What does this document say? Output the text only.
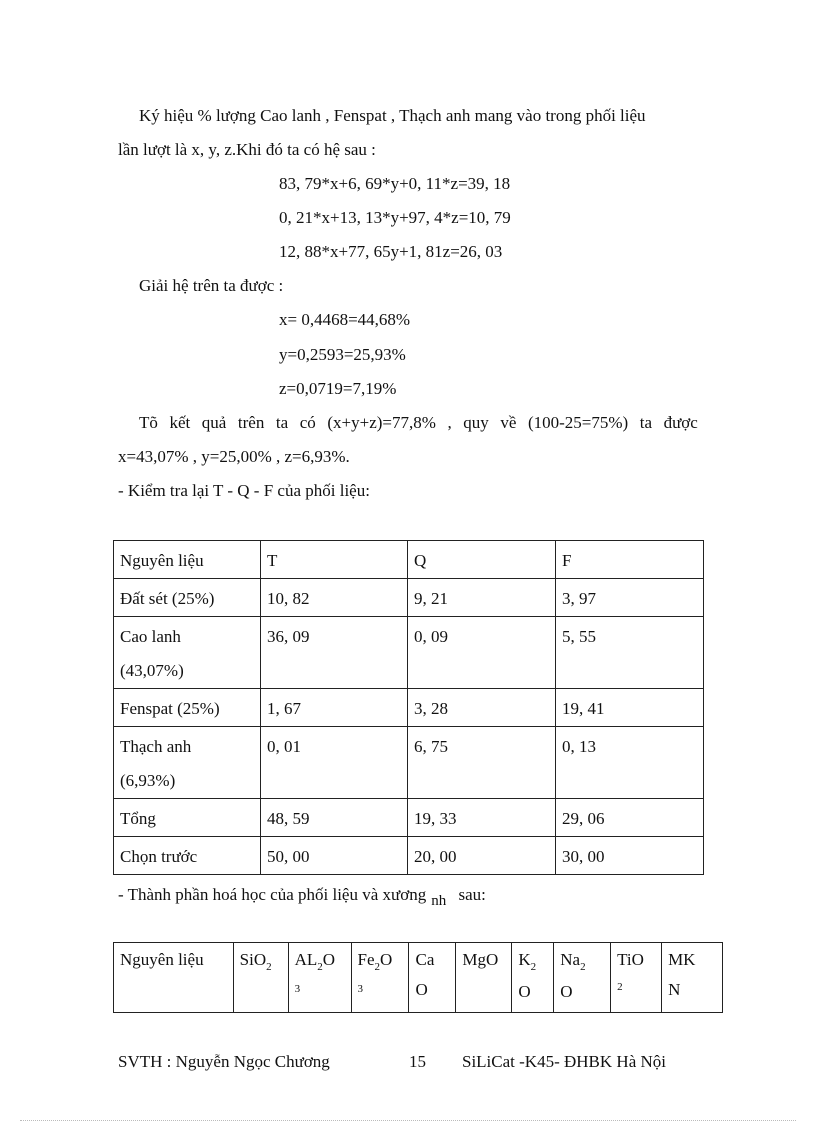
Ký hiệu % lượng Cao lanh , Fenspat , Thạch anh mang vào trong phối liệu
lần lượt là x, y, z.Khi đó ta có hệ sau :
83, 79*x+6, 69*y+0, 11*z=39, 18
0, 21*x+13, 13*y+97, 4*z=10, 79
12, 88*x+77, 65y+1, 81z=26, 03
Giải hệ trên ta được :
x= 0,4468=44,68%
y=0,2593=25,93%
z=0,0719=7,19%
Tõ kết quả trên ta có (x+y+z)=77,8% , quy về (100-25=75%) ta được
x=43,07% , y=25,00% , z=6,93%.
- Kiểm tra lại T - Q - F của phối liệu:
Nguyên liệu	T	Q	F
Đất sét (25%)	10, 82	9, 21	3, 97
Cao lanh
(43,07%)	36, 09	0, 09	5, 55
Fenspat (25%)	1, 67	3, 28	19, 41
Thạch anh
(6,93%)	0, 01	6, 75	0, 13
Tổng	48, 59	19, 33	29, 06
Chọn trước	50, 00	20, 00	30, 00
- Thành phần hoá học của phối liệu và xương nh sau:
Nguyên liệu	SiO$_2$	$AL_2O$
3
	$Fe_2O$
3
	Ca
O	MgO	$K_2$
O	$Na_2$
O	TiO
2
	MK
N
SVTH : Nguyễn Ngọc Chương	15 SiLiCat -K45- ĐHBK Hà Nội
